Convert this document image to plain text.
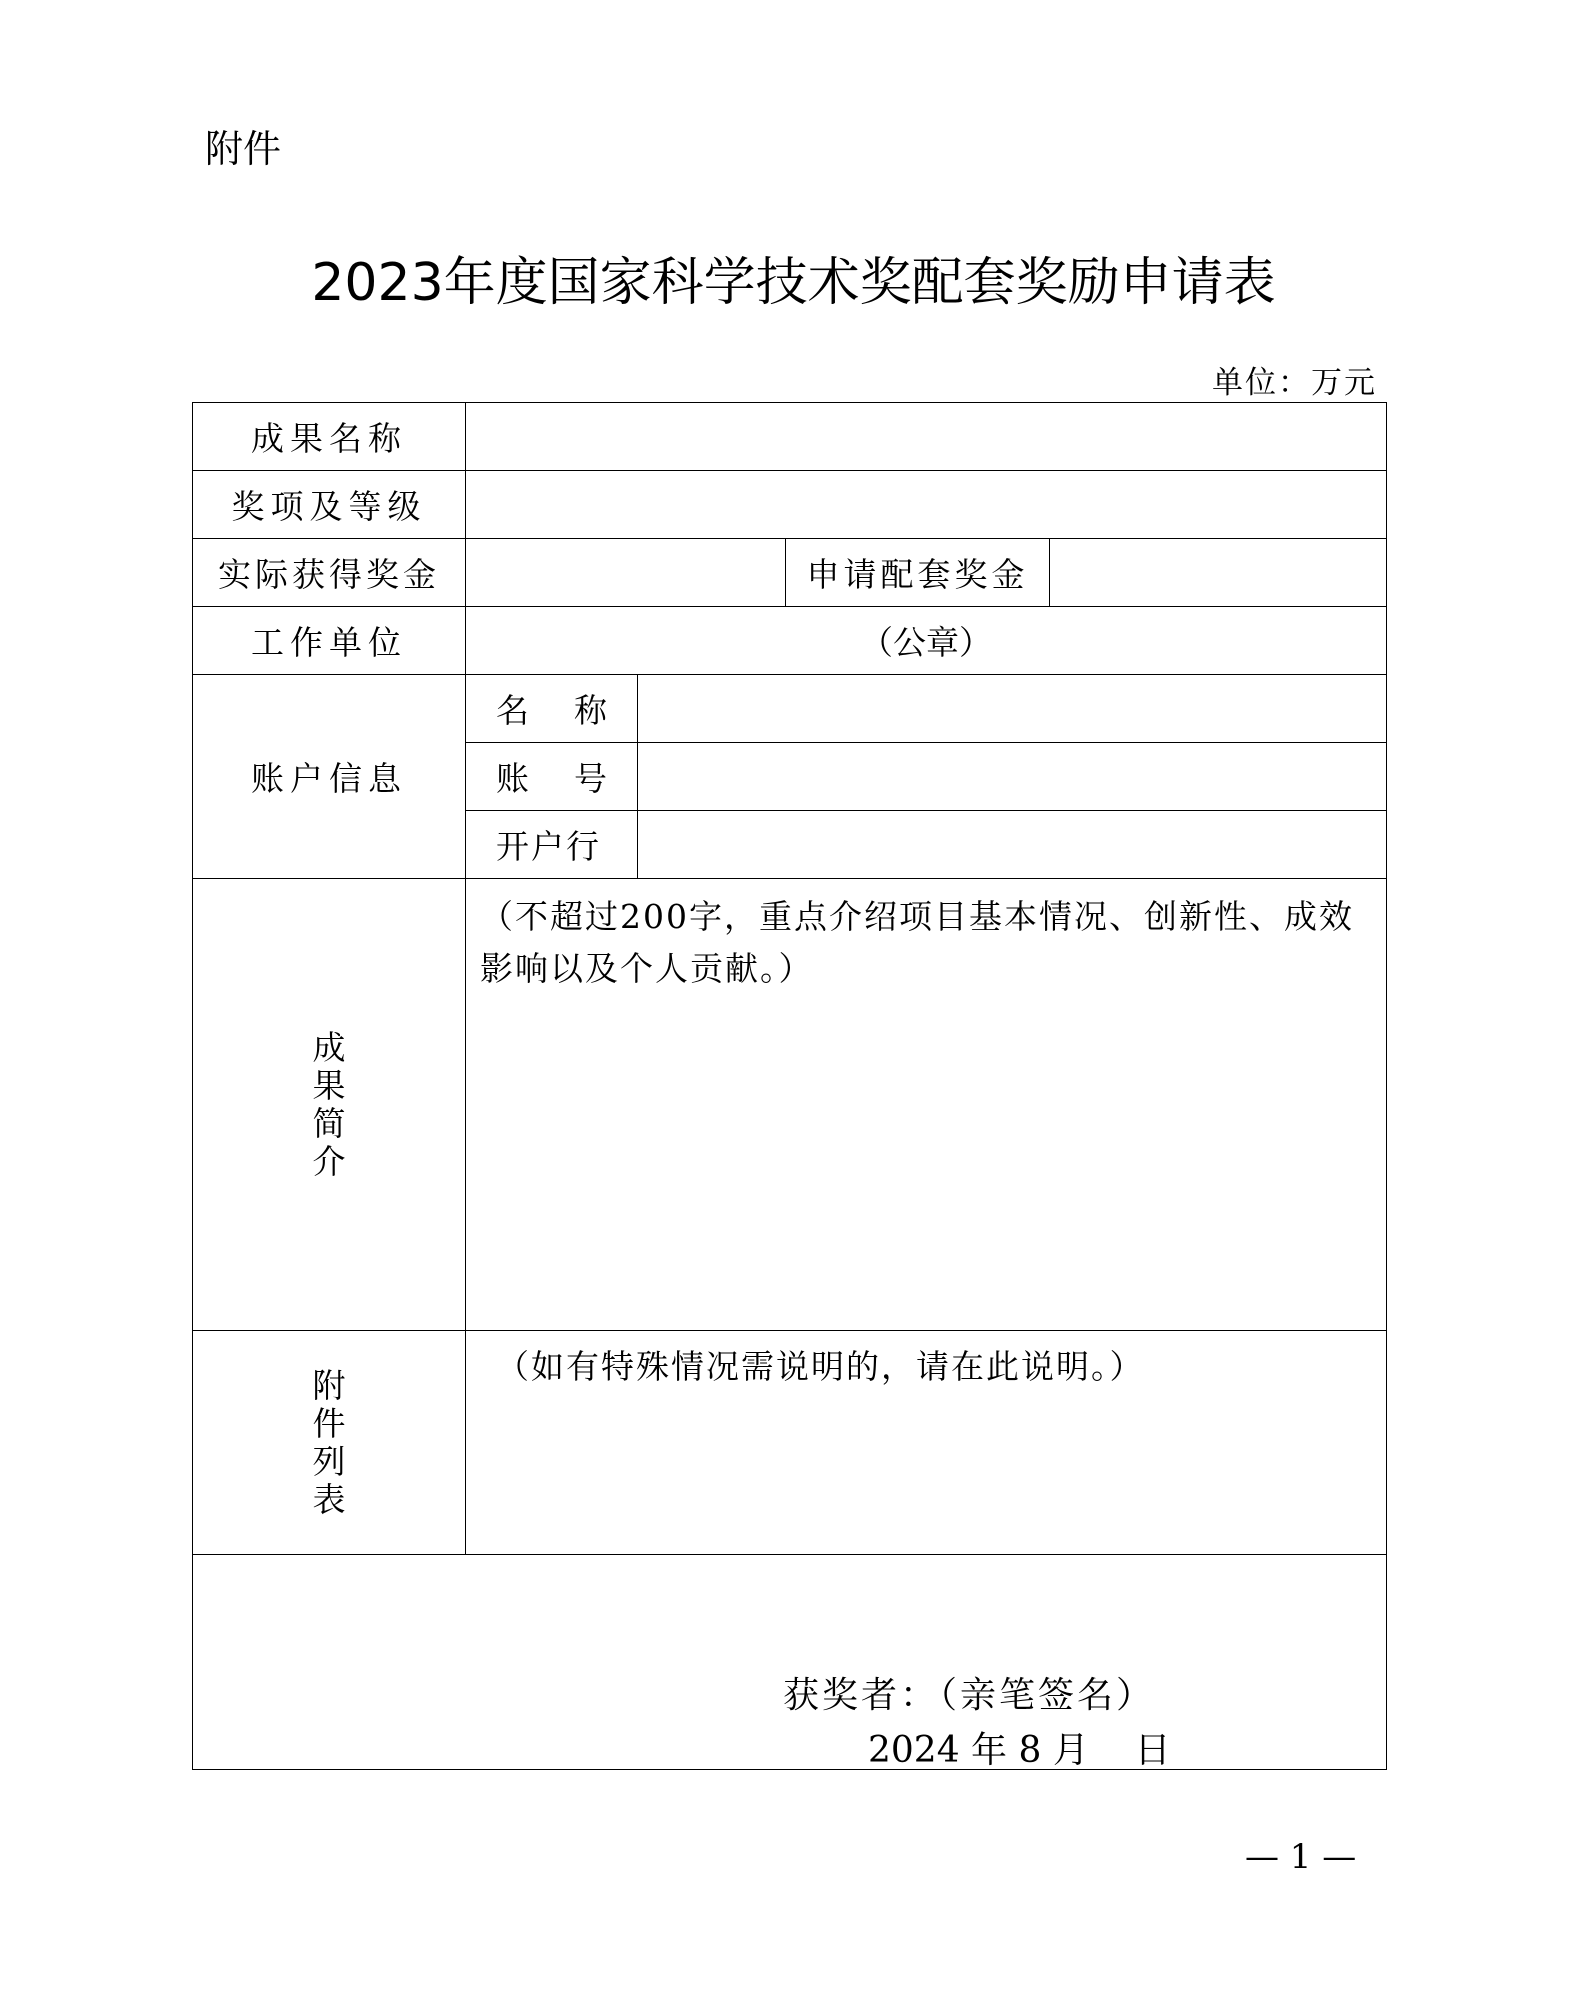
附件
2023年度国家科学技术奖配套奖励申请表
单位：万元
成果名称				
奖项及等级				
实际获得奖金			申请配套奖金	
工作单位	（公章）			
账户信息	名　称			
	账　号			
	开户行			

成果简介	（不超过200字，重点介绍项目基本情况、创新性、成效影响以及个人贡献。）			

附件列表	（如有特殊情况需说明的，请在此说明。）			

获奖者：（亲笔签名）
2024 年 8 月    日				
— 1 —
